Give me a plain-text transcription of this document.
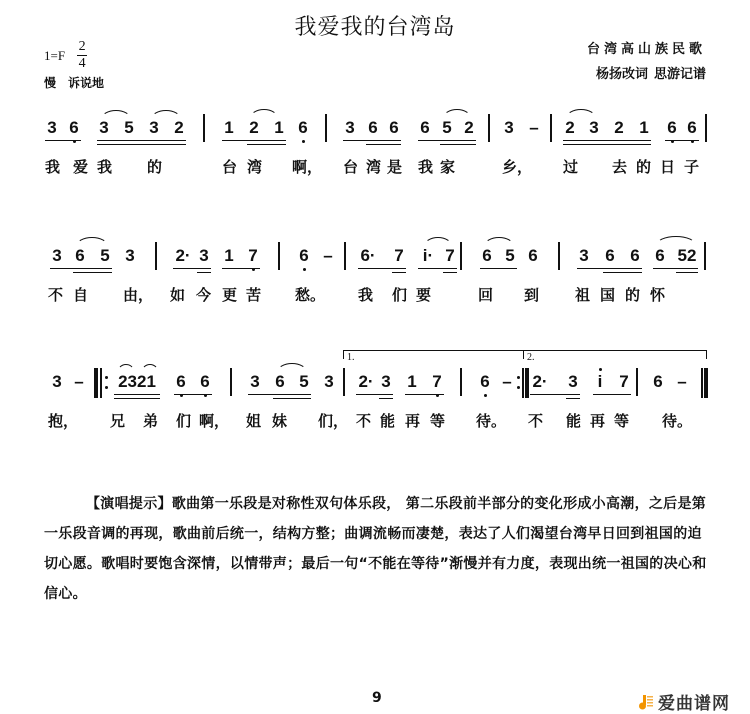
我爱我的台湾岛
$1=F \frac{2}{4}$
慢 诉说地
台湾高山族民歌
杨扬改词 思游记谱
3 6 3 5 3 2 1 2 1 6 3 6 6 6 5 2 3 – 2 3 2 1 6 6
我 爱 我 的	台 湾 啊， 台 湾 是 我 家	乡， 过 去 的 日 子
3 6 5 3 2· 3 1 7 6 – 6· 7 i· 7 6 5 6 3 6 6 6 52
不 自 由， 如 今 更 苦 愁。 我 们 要	回 到 祖 国 的 怀
1.	2.
3 – 2321 6 6 3 6 5 3 2· 3 1 7 6 – 2· 3 i 7 6 –
抱， 兄 弟 们 啊， 姐 妹 们， 不 能 再 等 待。 不 能 再 等 待。
【演唱提示】歌曲第一乐段是对称性双句体乐段， 第二乐段前半部分的变化形成小高潮，之后是第一乐段音调的再现，歌曲前后统一，结构方整；曲调流畅而凄楚，表达了人们渴望台湾早日回到祖国的迫切心愿。歌唱时要饱含深情，以情带声；最后一句“不能在等待”渐慢并有力度，表现出统一祖国的决心和信心。
9	爱曲谱网
